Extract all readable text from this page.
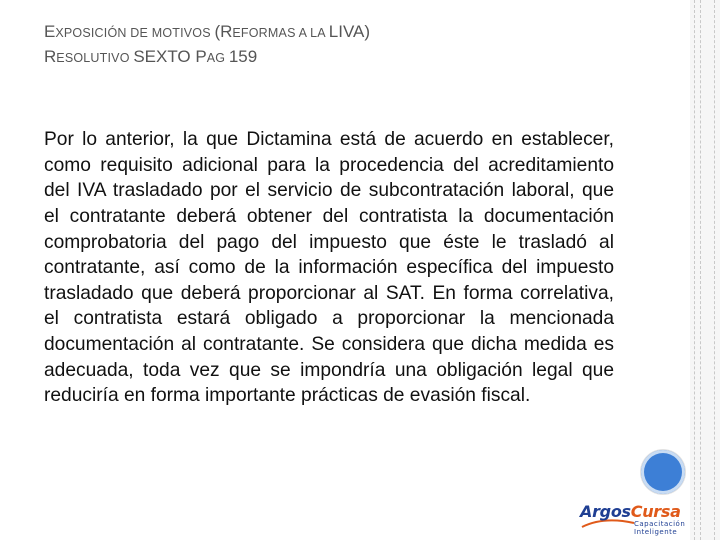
EXPOSICIÓN DE MOTIVOS (REFORMAS A LA LIVA)
RESOLUTIVO SEXTO PAG 159

Por lo anterior, la que Dictamina está de acuerdo en establecer, como requisito adicional para la procedencia del acreditamiento del IVA trasladado por el servicio de subcontratación laboral, que el contratante deberá obtener del contratista la documentación comprobatoria del pago del impuesto que éste le trasladó al contratante, así como de la información específica del impuesto trasladado que deberá proporcionar al SAT. En forma correlativa, el contratista estará obligado a proporcionar la mencionada documentación al contratante. Se considera que dicha medida es adecuada, toda vez que se impondría una obligación legal que reduciría en forma importante prácticas de evasión fiscal.

ArgosCursa
Capacitación
Inteligente
